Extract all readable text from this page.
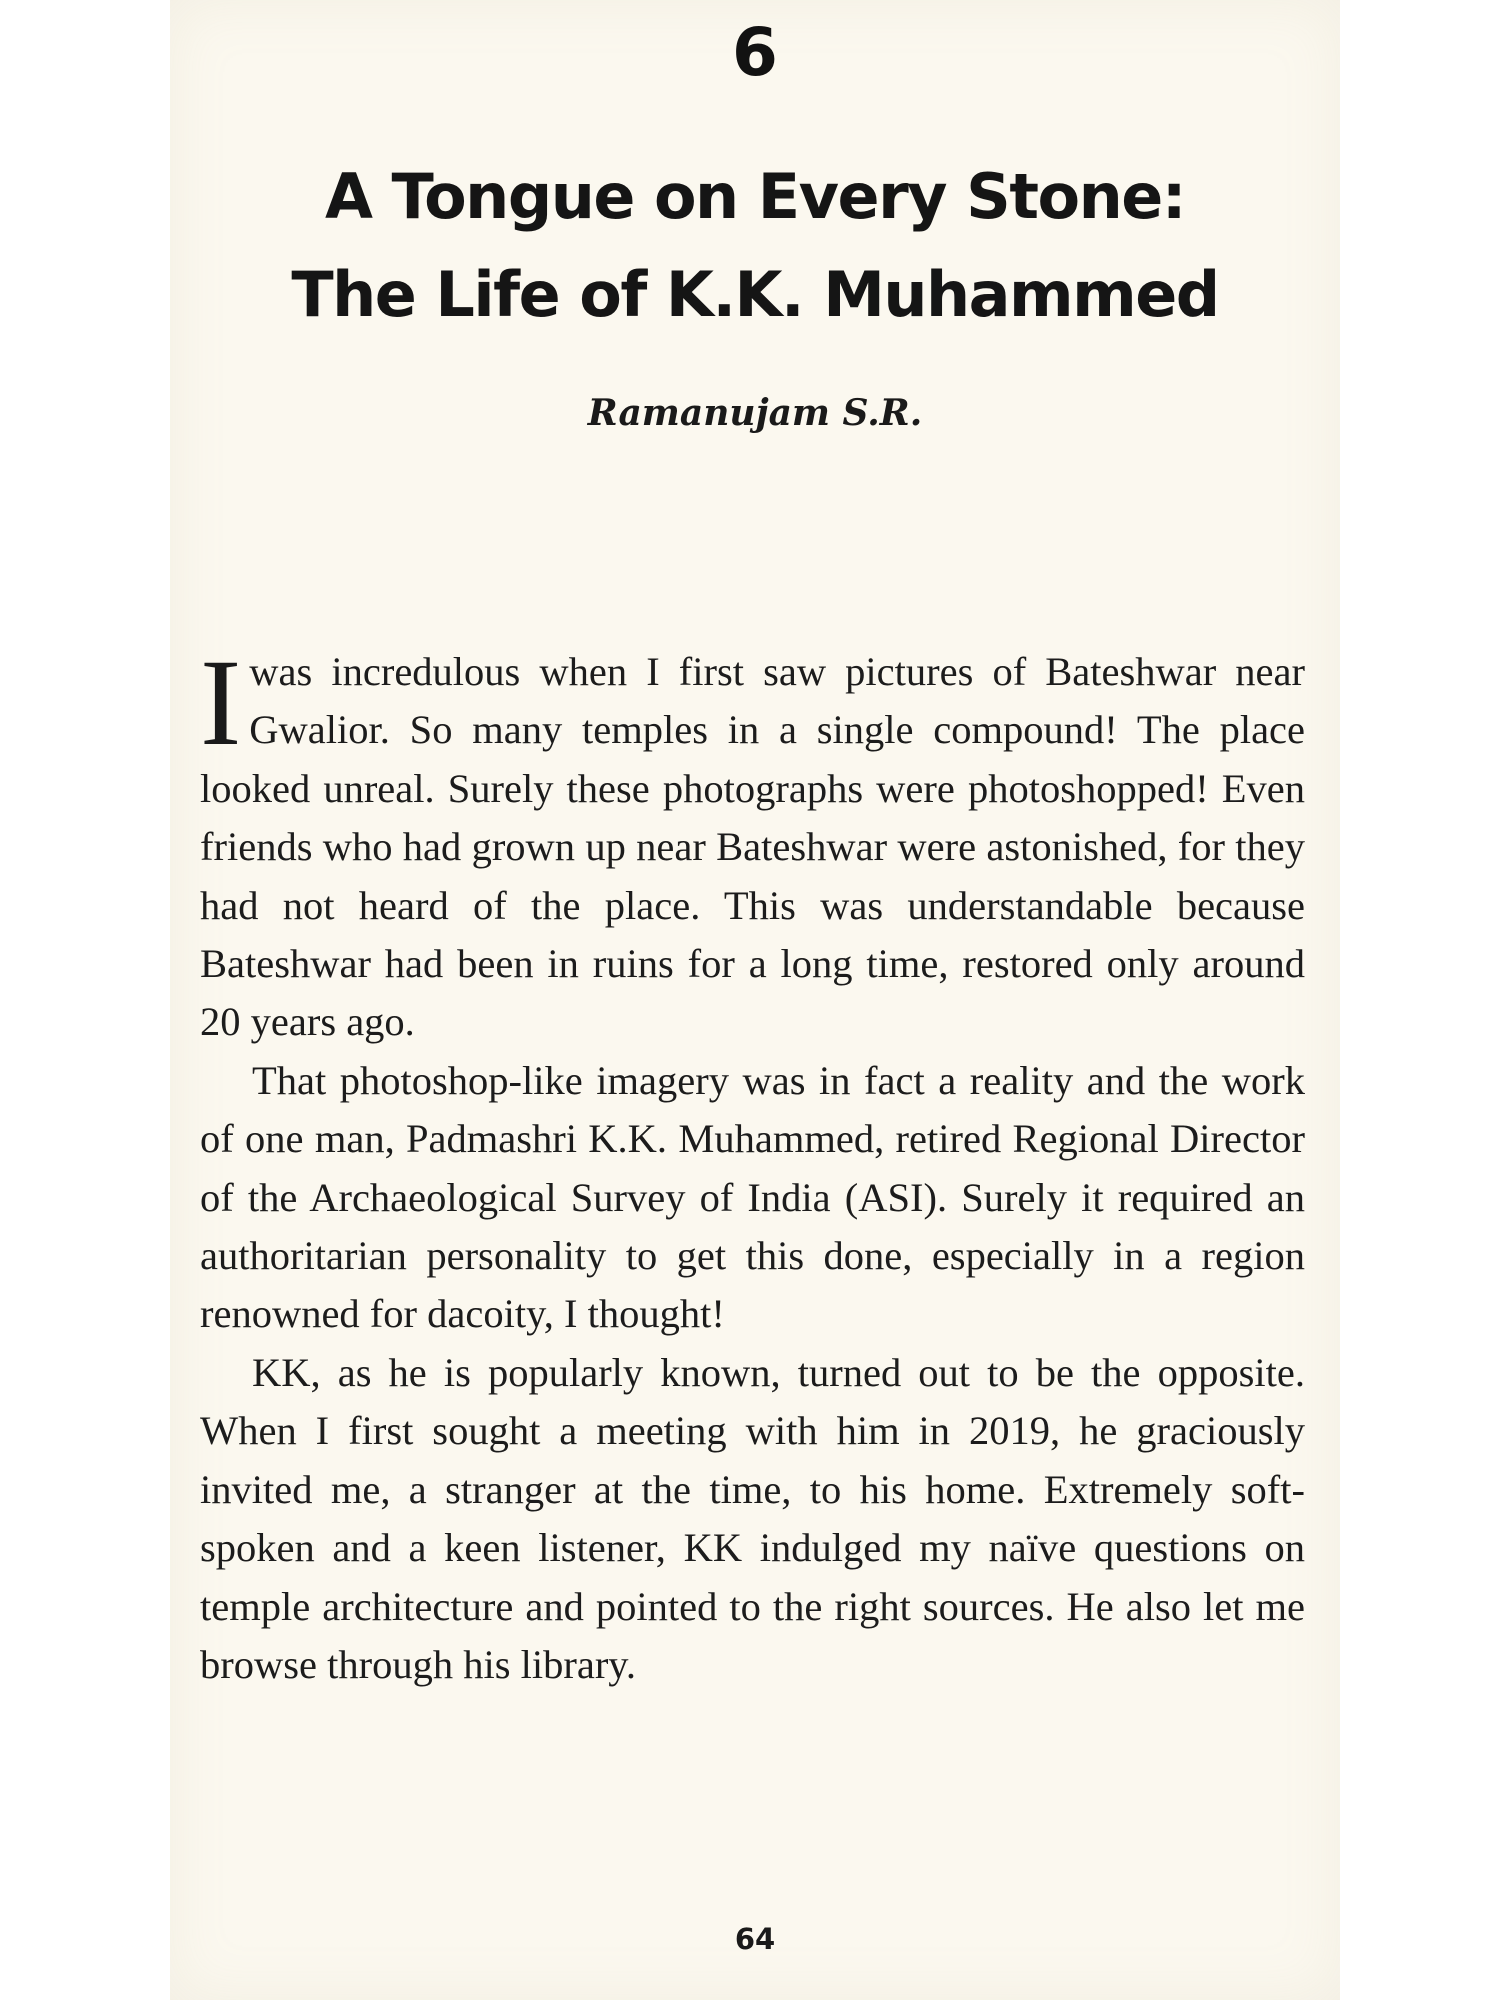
6
A Tongue on Every Stone:
The Life of K.K. Muhammed
Ramanujam S.R.

Iwas incredulous when I first saw pictures of Bateshwar near Gwalior. So many temples in a single compound! The place looked unreal. Surely these photographs were photoshopped! Even friends who had grown up near Bateshwar were astonished, for they had not heard of the place. This was understandable because Bateshwar had been in ruins for a long time, restored only around 20 years ago.

That photoshop-like imagery was in fact a reality and the work of one man, Padmashri K.K. Muhammed, retired Regional Director of the Archaeological Survey of India (ASI). Surely it required an authoritarian personality to get this done, especially in a region renowned for dacoity, I thought!

KK, as he is popularly known, turned out to be the opposite. When I first sought a meeting with him in 2019, he graciously invited me, a stranger at the time, to his home. Extremely soft-spoken and a keen listener, KK indulged my naïve questions on temple architecture and pointed to the right sources. He also let me browse through his library.

64
